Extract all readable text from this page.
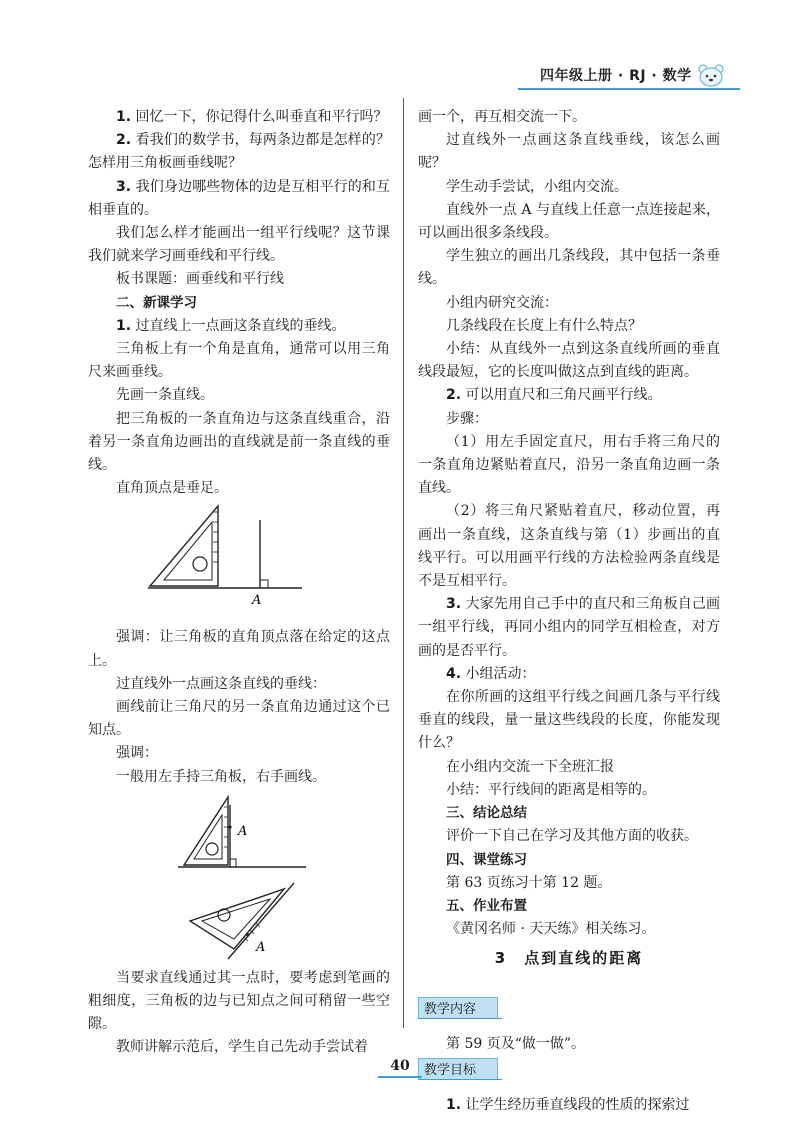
四年级上册 · RJ · 数学

1. 回忆一下，你记得什么叫垂直和平行吗？

2. 看我们的数学书，每两条边都是怎样的？怎样用三角板画垂线呢？

3. 我们身边哪些物体的边是互相平行的和互相垂直的。

我们怎么样才能画出一组平行线呢？这节课我们就来学习画垂线和平行线。

板书课题：画垂线和平行线

二、新课学习

1. 过直线上一点画这条直线的垂线。

三角板上有一个角是直角，通常可以用三角尺来画垂线。

先画一条直线。

把三角板的一条直角边与这条直线重合，沿着另一条直角边画出的直线就是前一条直线的垂线。

直角顶点是垂足。

A

强调：让三角板的直角顶点落在给定的这点上。

过直线外一点画这条直线的垂线：

画线前让三角尺的另一条直角边通过这个已知点。

强调：

一般用左手持三角板，右手画线。

A
A

当要求直线通过其一点时，要考虑到笔画的粗细度，三角板的边与已知点之间可稍留一些空隙。

教师讲解示范后，学生自己先动手尝试着

画一个，再互相交流一下。

过直线外一点画这条直线垂线，该怎么画呢？

学生动手尝试，小组内交流。

直线外一点 A 与直线上任意一点连接起来，可以画出很多条线段。

学生独立的画出几条线段，其中包括一条垂线。

小组内研究交流：

几条线段在长度上有什么特点？

小结：从直线外一点到这条直线所画的垂直线段最短，它的长度叫做这点到直线的距离。

2. 可以用直尺和三角尺画平行线。

步骤：

（1）用左手固定直尺，用右手将三角尺的一条直角边紧贴着直尺，沿另一条直角边画一条直线。

（2）将三角尺紧贴着直尺，移动位置，再画出一条直线，这条直线与第（1）步画出的直线平行。可以用画平行线的方法检验两条直线是不是互相平行。

3. 大家先用自己手中的直尺和三角板自己画一组平行线，再同小组内的同学互相检查，对方画的是否平行。

4. 小组活动：

在你所画的这组平行线之间画几条与平行线垂直的线段，量一量这些线段的长度，你能发现什么？

在小组内交流一下全班汇报

小结：平行线间的距离是相等的。

三、结论总结

评价一下自己在学习及其他方面的收获。

四、课堂练习

第 63 页练习十第 12 题。

五、作业布置

《黄冈名师 · 天天练》相关练习。

3　点到直线的距离

教学内容

第 59 页及“做一做”。

教学目标

1. 让学生经历垂直线段的性质的探索过

40
